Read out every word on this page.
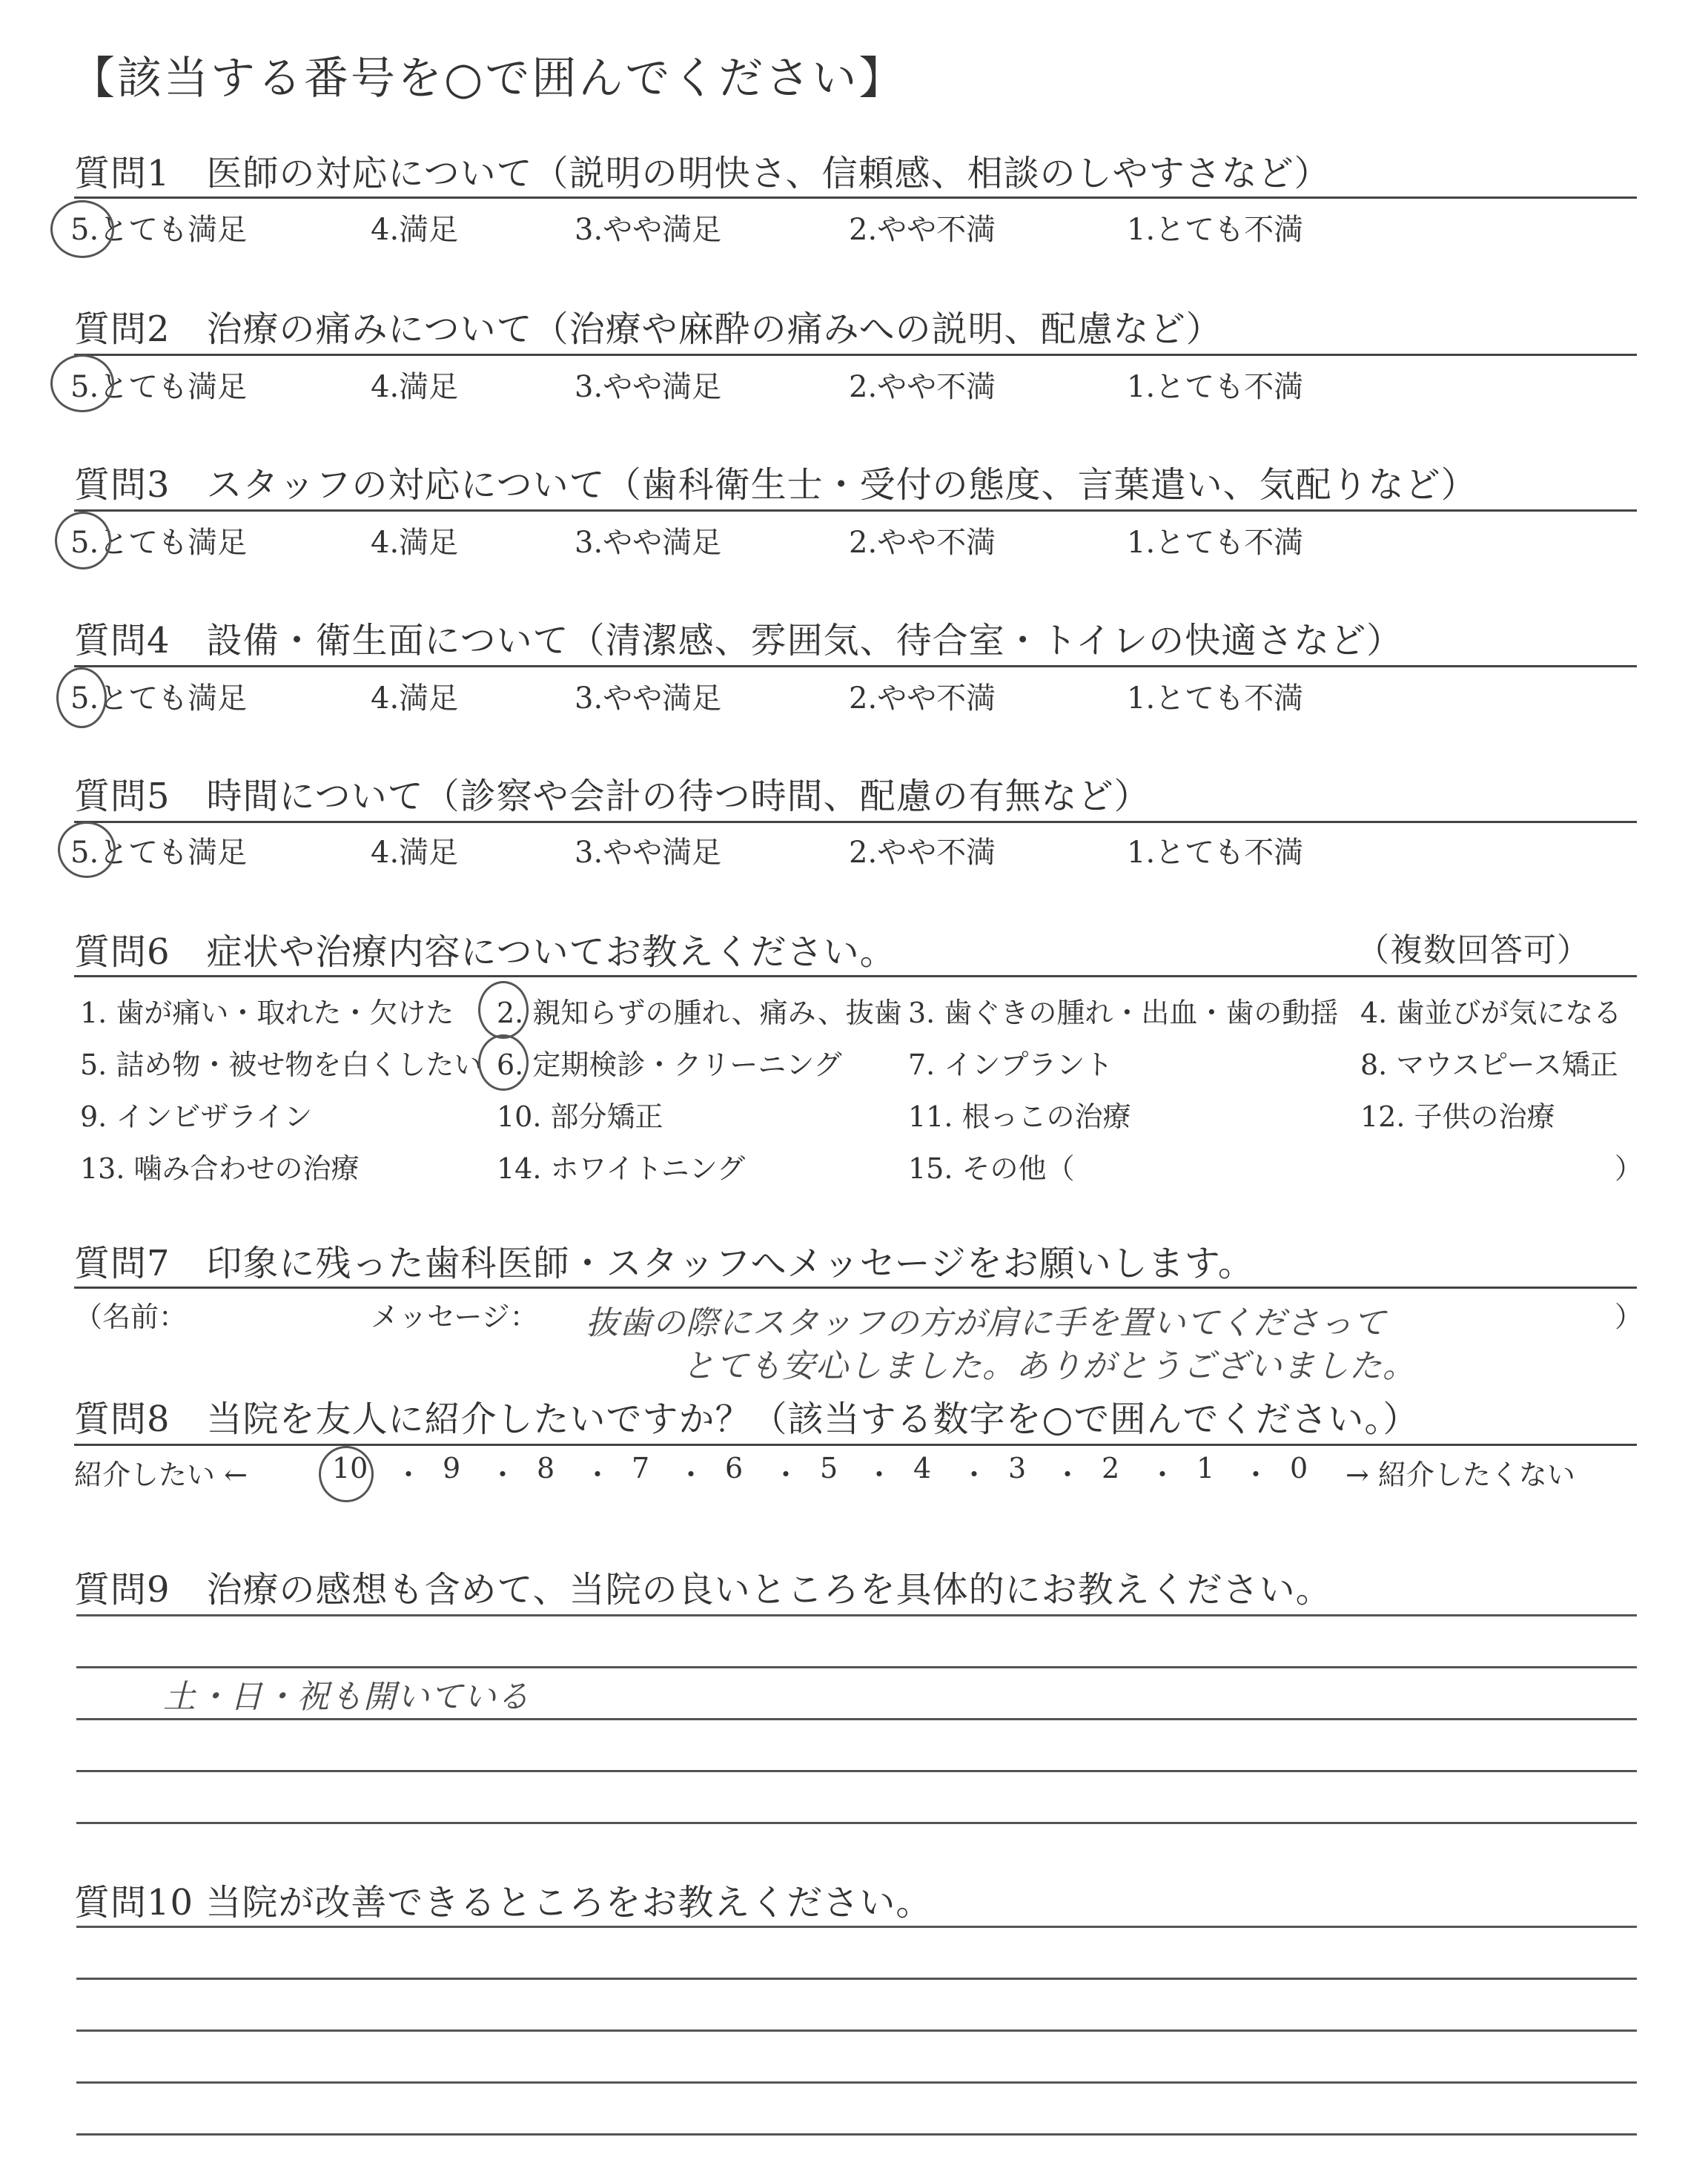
【該当する番号を○で囲んでください】
質問1　医師の対応について（説明の明快さ、信頼感、相談のしやすさなど）
5.とても満足	4.満足	3.やや満足	2.やや不満	1.とても不満
質問2　治療の痛みについて（治療や麻酔の痛みへの説明、配慮など）
5.とても満足	4.満足	3.やや満足	2.やや不満	1.とても不満
質問3　スタッフの対応について（歯科衛生士・受付の態度、言葉遣い、気配りなど）
5.とても満足	4.満足	3.やや満足	2.やや不満	1.とても不満
質問4　設備・衛生面について（清潔感、雰囲気、待合室・トイレの快適さなど）
5.とても満足	4.満足	3.やや満足	2.やや不満	1.とても不満
質問5　時間について（診察や会計の待つ時間、配慮の有無など）
5.とても満足	4.満足	3.やや満足	2.やや不満	1.とても不満
質問6　症状や治療内容についてお教えください。	（複数回答可）
1. 歯が痛い・取れた・欠けた 2. 親知らずの腫れ、痛み、抜歯 3. 歯ぐきの腫れ・出血・歯の動揺 4. 歯並びが気になる
5. 詰め物・被せ物を白くしたい 6. 定期検診・クリーニング 7. インプラント	8. マウスピース矯正
9. インビザライン	10. 部分矯正	11. 根っこの治療	12. 子供の治療
13. 噛み合わせの治療	14. ホワイトニング	15. その他（	）
質問7　印象に残った歯科医師・スタッフへメッセージをお願いします。
（名前：	メッセージ： 抜歯の際にスタッフの方が肩に手を置いてくださって
とても安心しました。ありがとうございました。
）
質問8　当院を友人に紹介したいですか？（該当する数字を○で囲んでください。）
紹介したい ←	10 ・ 9 ・ 8 ・ 7 ・ 6 ・ 5 ・ 4 ・ 3 ・ 2 ・ 1 ・ 0 → 紹介したくない
質問9　治療の感想も含めて、当院の良いところを具体的にお教えください。
土・日・祝も開いている
質問10 当院が改善できるところをお教えください。
